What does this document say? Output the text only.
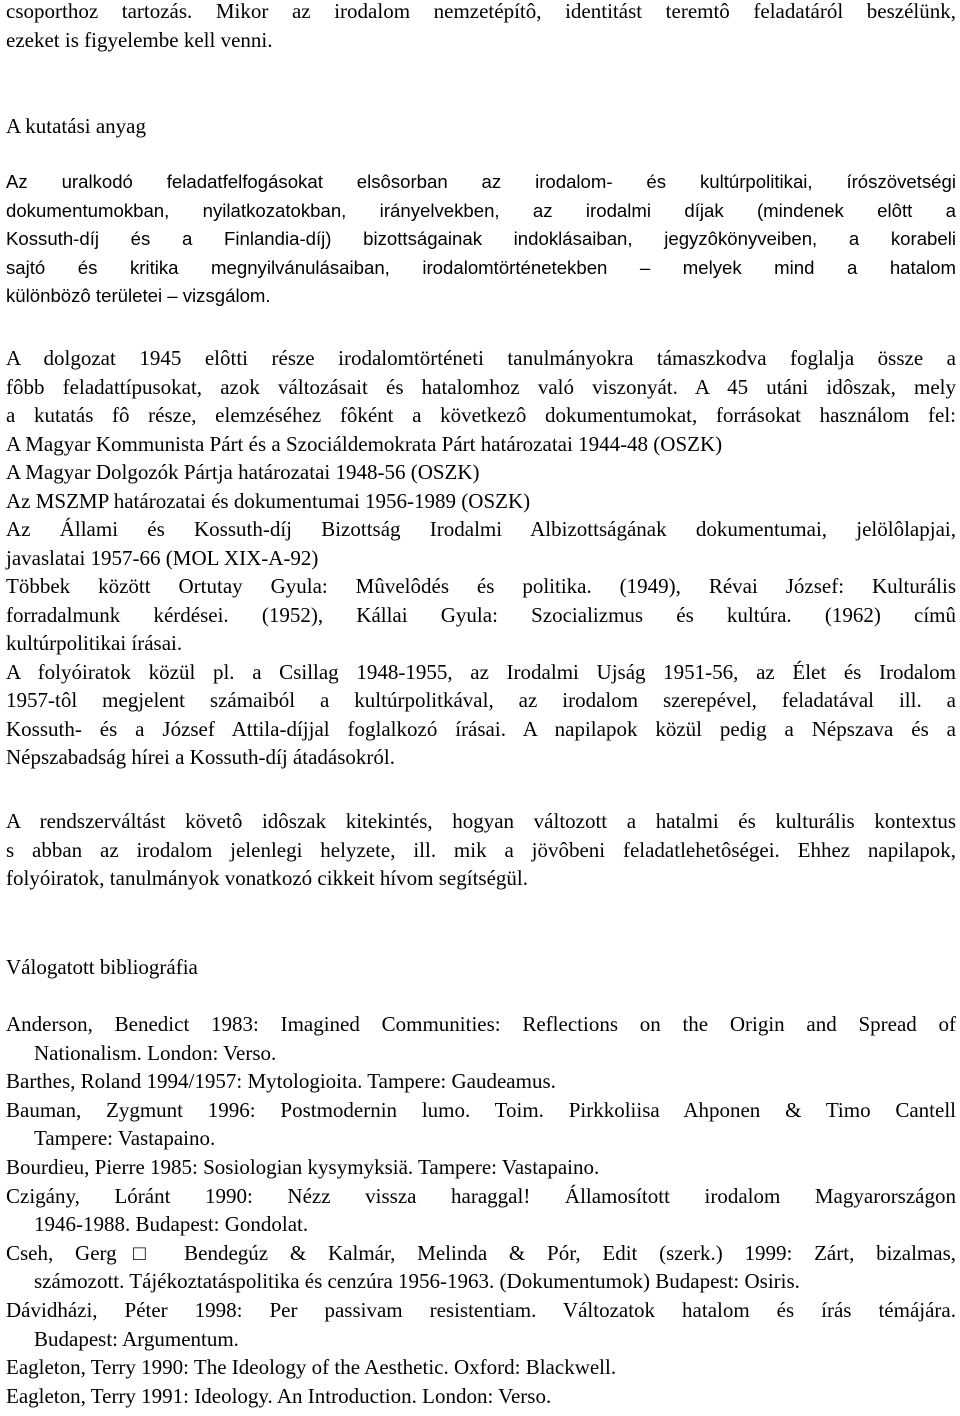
csoporthoz tartozás. Mikor az irodalom nemzetépítô, identitást teremtô feladatáról beszélünk,
ezeket is figyelembe kell venni.
A kutatási anyag
Az uralkodó feladatfelfogásokat elsôsorban az irodalom- és kultúrpolitikai, írószövetségi
dokumentumokban, nyilatkozatokban, irányelvekben, az irodalmi díjak (mindenek elôtt a
Kossuth-díj és a Finlandia-díj) bizottságainak indoklásaiban, jegyzôkönyveiben, a korabeli
sajtó és kritika megnyilvánulásaiban, irodalomtörténetekben – melyek mind a hatalom
különbözô területei – vizsgálom.
A dolgozat 1945 elôtti része irodalomtörténeti tanulmányokra támaszkodva foglalja össze a
fôbb feladattípusokat, azok változásait és hatalomhoz való viszonyát. A 45 utáni idôszak, mely
a kutatás fô része, elemzéséhez fôként a következô dokumentumokat, forrásokat használom fel:
A Magyar Kommunista Párt és a Szociáldemokrata Párt határozatai 1944-48 (OSZK)
A Magyar Dolgozók Pártja határozatai 1948-56 (OSZK)
Az MSZMP határozatai és dokumentumai 1956-1989 (OSZK)
Az Állami és Kossuth-díj Bizottság Irodalmi Albizottságának dokumentumai, jelölôlapjai,
javaslatai 1957-66 (MOL XIX-A-92)
Többek között Ortutay Gyula: Mûvelôdés és politika. (1949), Révai József: Kulturális
forradalmunk kérdései. (1952), Kállai Gyula: Szocializmus és kultúra. (1962) címû
kultúrpolitikai írásai.
A folyóiratok közül pl. a Csillag 1948-1955, az Irodalmi Ujság 1951-56, az Élet és Irodalom
1957-tôl megjelent számaiból a kultúrpolitkával, az irodalom szerepével, feladatával ill. a
Kossuth- és a József Attila-díjjal foglalkozó írásai. A napilapok közül pedig a Népszava és a
Népszabadság hírei a Kossuth-díj átadásokról.
A rendszerváltást követô idôszak kitekintés, hogyan változott a hatalmi és kulturális kontextus
s abban az irodalom jelenlegi helyzete, ill. mik a jövôbeni feladatlehetôségei. Ehhez napilapok,
folyóiratok, tanulmányok vonatkozó cikkeit hívom segítségül.
Válogatott bibliográfia
Anderson, Benedict 1983: Imagined Communities: Reflections on the Origin and Spread of
Nationalism. London: Verso.
Barthes, Roland 1994/1957: Mytologioita. Tampere: Gaudeamus.
Bauman, Zygmunt 1996: Postmodernin lumo. Toim. Pirkkoliisa Ahponen & Timo Cantell
Tampere: Vastapaino.
Bourdieu, Pierre 1985: Sosiologian kysymyksiä. Tampere: Vastapaino.
Czigány, Lóránt 1990: Nézz vissza haraggal! Államosított irodalom Magyarországon
1946-1988. Budapest: Gondolat.
Cseh, Gerg□ Bendegúz & Kalmár, Melinda & Pór, Edit (szerk.) 1999: Zárt, bizalmas,
számozott. Tájékoztatáspolitika és cenzúra 1956-1963. (Dokumentumok) Budapest: Osiris.
Dávidházi, Péter 1998: Per passivam resistentiam. Változatok hatalom és írás témájára.
Budapest: Argumentum.
Eagleton, Terry 1990: The Ideology of the Aesthetic. Oxford: Blackwell.
Eagleton, Terry 1991: Ideology. An Introduction. London: Verso.
